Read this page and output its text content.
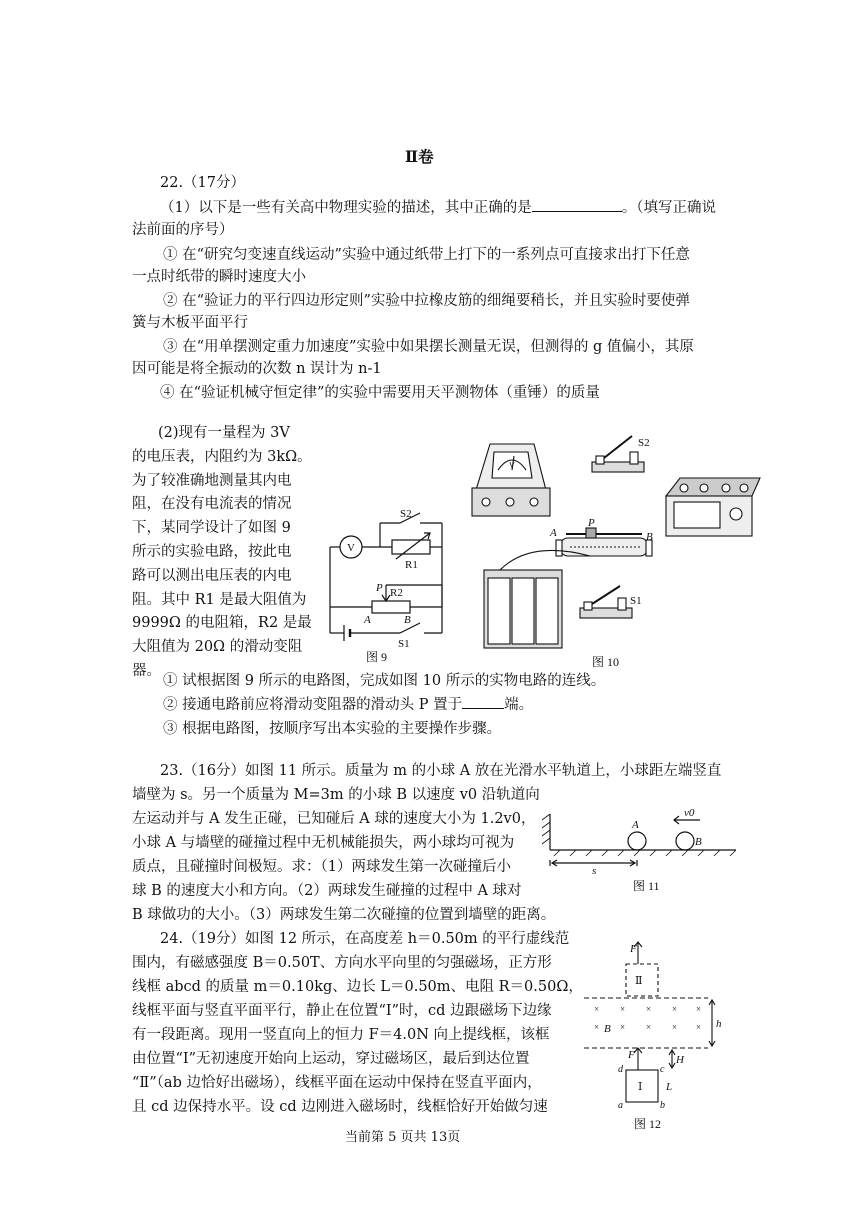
Ⅱ卷
22.（17分）
（1）以下是一些有关高中物理实验的描述，其中正确的是	。（填写正确说
法前面的序号）
① 在“研究匀变速直线运动”实验中通过纸带上打下的一系列点可直接求出打下任意
一点时纸带的瞬时速度大小
② 在“验证力的平行四边形定则”实验中拉橡皮筋的细绳要稍长，并且实验时要使弹
簧与木板平面平行
③ 在“用单摆测定重力加速度”实验中如果摆长测量无误，但测得的 g 值偏小，其原
因可能是将全振动的次数 n 误计为 n-1
④ 在“验证机械守恒定律”的实验中需要用天平测物体（重锤）的质量
(2)现有一量程为 3V
的电压表，内阻约为 3kΩ。
为了较准确地测量其内电
阻，在没有电流表的情况
下，某同学设计了如图 9
所示的实验电路，按此电
路可以测出电压表的内电
阻。其中 R1 是最大阻值为
9999Ω 的电阻箱，R2 是最
大阻值为 20Ω 的滑动变阻
器。
V
S2
R1
P R2
A	B
S1
图 9
V
S2
A
P
B
S1
图 10
① 试根据图 9 所示的电路图，完成如图 10 所示的实物电路的连线。
② 接通电路前应将滑动变阻器的滑动头 P 置于	端。
③ 根据电路图，按顺序写出本实验的主要操作步骤。
23.（16分）如图 11 所示。质量为 m 的小球 A 放在光滑水平轨道上，小球距左端竖直
墙壁为 s。另一个质量为 M=3m 的小球 B 以速度 v0 沿轨道向
左运动并与 A 发生正碰，已知碰后 A 球的速度大小为 1.2v0，
小球 A 与墙壁的碰撞过程中无机械能损失，两小球均可视为
质点，且碰撞时间极短。求：（1）两球发生第一次碰撞后小
球 B 的速度大小和方向。（2）两球发生碰撞的过程中 A 球对
B 球做功的大小。（3）两球发生第二次碰撞的位置到墙壁的距离。
A
B
v0
s
图 11
24.（19分）如图 12 所示，在高度差 h＝0.50m 的平行虚线范
围内，有磁感强度 B＝0.50T、方向水平向里的匀强磁场，正方形
线框 abcd 的质量 m＝0.10kg、边长 L＝0.50m、电阻 R＝0.50Ω，
线框平面与竖直平面平行，静止在位置“I”时，cd 边跟磁场下边缘
有一段距离。现用一竖直向上的恒力 F＝4.0N 向上提线框，该框
由位置“Ⅰ”无初速度开始向上运动，穿过磁场区，最后到达位置
“Ⅱ”（ab 边恰好出磁场），线框平面在运动中保持在竖直平面内，
且 cd 边保持水平。设 cd 边刚进入磁场时，线框恰好开始做匀速
× × × × ×
× × × × ×
F
Ⅱ
B	h
H
F
Ⅰ
d	c
a	b
L
图 12
当前第 5 页共 13页
